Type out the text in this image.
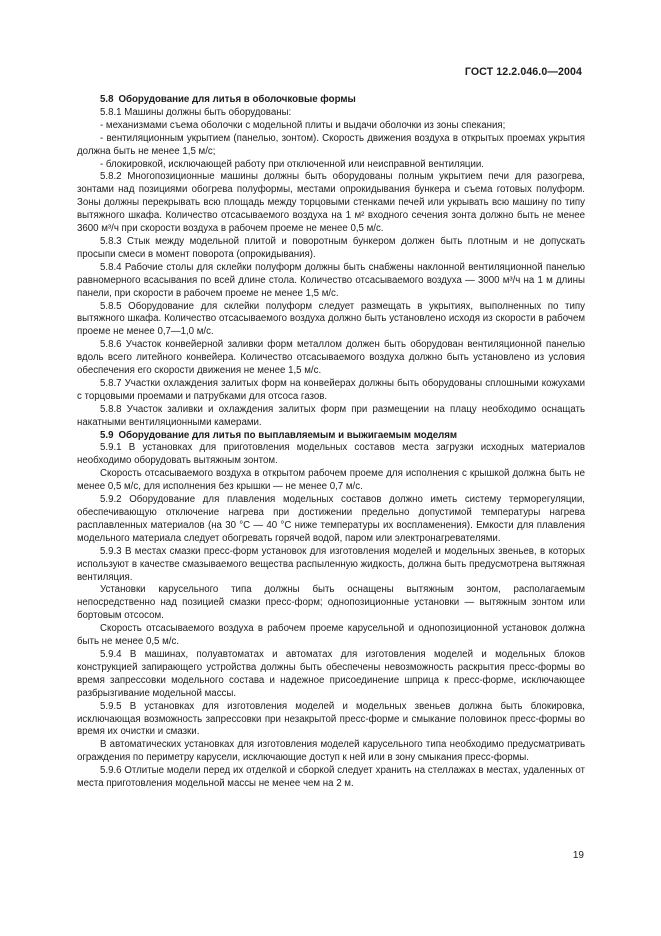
ГОСТ 12.2.046.0—2004

5.8 Оборудование для литья в оболочковые формы

5.8.1 Машины должны быть оборудованы:

- механизмами съема оболочки с модельной плиты и выдачи оболочки из зоны спекания;

- вентиляционным укрытием (панелью, зонтом). Скорость движения воздуха в открытых проемах укрытия должна быть не менее 1,5 м/с;

- блокировкой, исключающей работу при отключенной или неисправной вентиляции.

5.8.2 Многопозиционные машины должны быть оборудованы полным укрытием печи для разогрева, зонтами над позициями обогрева полуформы, местами опрокидывания бункера и съема готовых полуформ. Зоны должны перекрывать всю площадь между торцовыми стенками печей или укрывать всю машину по типу вытяжного шкафа. Количество отсасываемого воздуха на 1 м² входного сечения зонта должно быть не менее 3600 м³/ч при скорости воздуха в рабочем проеме не менее 0,5 м/с.

5.8.3 Стык между модельной плитой и поворотным бункером должен быть плотным и не допускать просыпи смеси в момент поворота (опрокидывания).

5.8.4 Рабочие столы для склейки полуформ должны быть снабжены наклонной вентиляционной панелью равномерного всасывания по всей длине стола. Количество отсасываемого воздуха — 3000 м³/ч на 1 м длины панели, при скорости в рабочем проеме не менее 1,5 м/с.

5.8.5 Оборудование для склейки полуформ следует размещать в укрытиях, выполненных по типу вытяжного шкафа. Количество отсасываемого воздуха должно быть установлено исходя из скорости в рабочем проеме не менее 0,7—1,0 м/с.

5.8.6 Участок конвейерной заливки форм металлом должен быть оборудован вентиляционной панелью вдоль всего литейного конвейера. Количество отсасываемого воздуха должно быть установлено из условия обеспечения его скорости движения не менее 1,5 м/с.

5.8.7 Участки охлаждения залитых форм на конвейерах должны быть оборудованы сплошными кожухами с торцовыми проемами и патрубками для отсоса газов.

5.8.8 Участок заливки и охлаждения залитых форм при размещении на плацу необходимо оснащать накатными вентиляционными камерами.

5.9 Оборудование для литья по выплавляемым и выжигаемым моделям

5.9.1 В установках для приготовления модельных составов места загрузки исходных материалов необходимо оборудовать вытяжным зонтом.

Скорость отсасываемого воздуха в открытом рабочем проеме для исполнения с крышкой должна быть не менее 0,5 м/с, для исполнения без крышки — не менее 0,7 м/с.

5.9.2 Оборудование для плавления модельных составов должно иметь систему терморегуляции, обеспечивающую отключение нагрева при достижении предельно допустимой температуры нагрева расплавленных материалов (на 30 °С — 40 °С ниже температуры их воспламенения). Емкости для плавления модельного материала следует обогревать горячей водой, паром или электронагревателями.

5.9.3 В местах смазки пресс-форм установок для изготовления моделей и модельных звеньев, в которых используют в качестве смазываемого вещества распыленную жидкость, должна быть предусмотрена вытяжная вентиляция.

Установки карусельного типа должны быть оснащены вытяжным зонтом, располагаемым непосредственно над позицией смазки пресс-форм; однопозиционные установки — вытяжным зонтом или бортовым отсосом.

Скорость отсасываемого воздуха в рабочем проеме карусельной и однопозиционной установок должна быть не менее 0,5 м/с.

5.9.4 В машинах, полуавтоматах и автоматах для изготовления моделей и модельных блоков конструкцией запирающего устройства должны быть обеспечены невозможность раскрытия пресс-формы во время запрессовки модельного состава и надежное присоединение шприца к пресс-форме, исключающее разбрызгивание модельной массы.

5.9.5 В установках для изготовления моделей и модельных звеньев должна быть блокировка, исключающая возможность запрессовки при незакрытой пресс-форме и смыкание половинок пресс-формы во время их очистки и смазки.

В автоматических установках для изготовления моделей карусельного типа необходимо предусматривать ограждения по периметру карусели, исключающие доступ к ней или в зону смыкания пресс-формы.

5.9.6 Отлитые модели перед их отделкой и сборкой следует хранить на стеллажах в местах, удаленных от места приготовления модельной массы не менее чем на 2 м.

19
